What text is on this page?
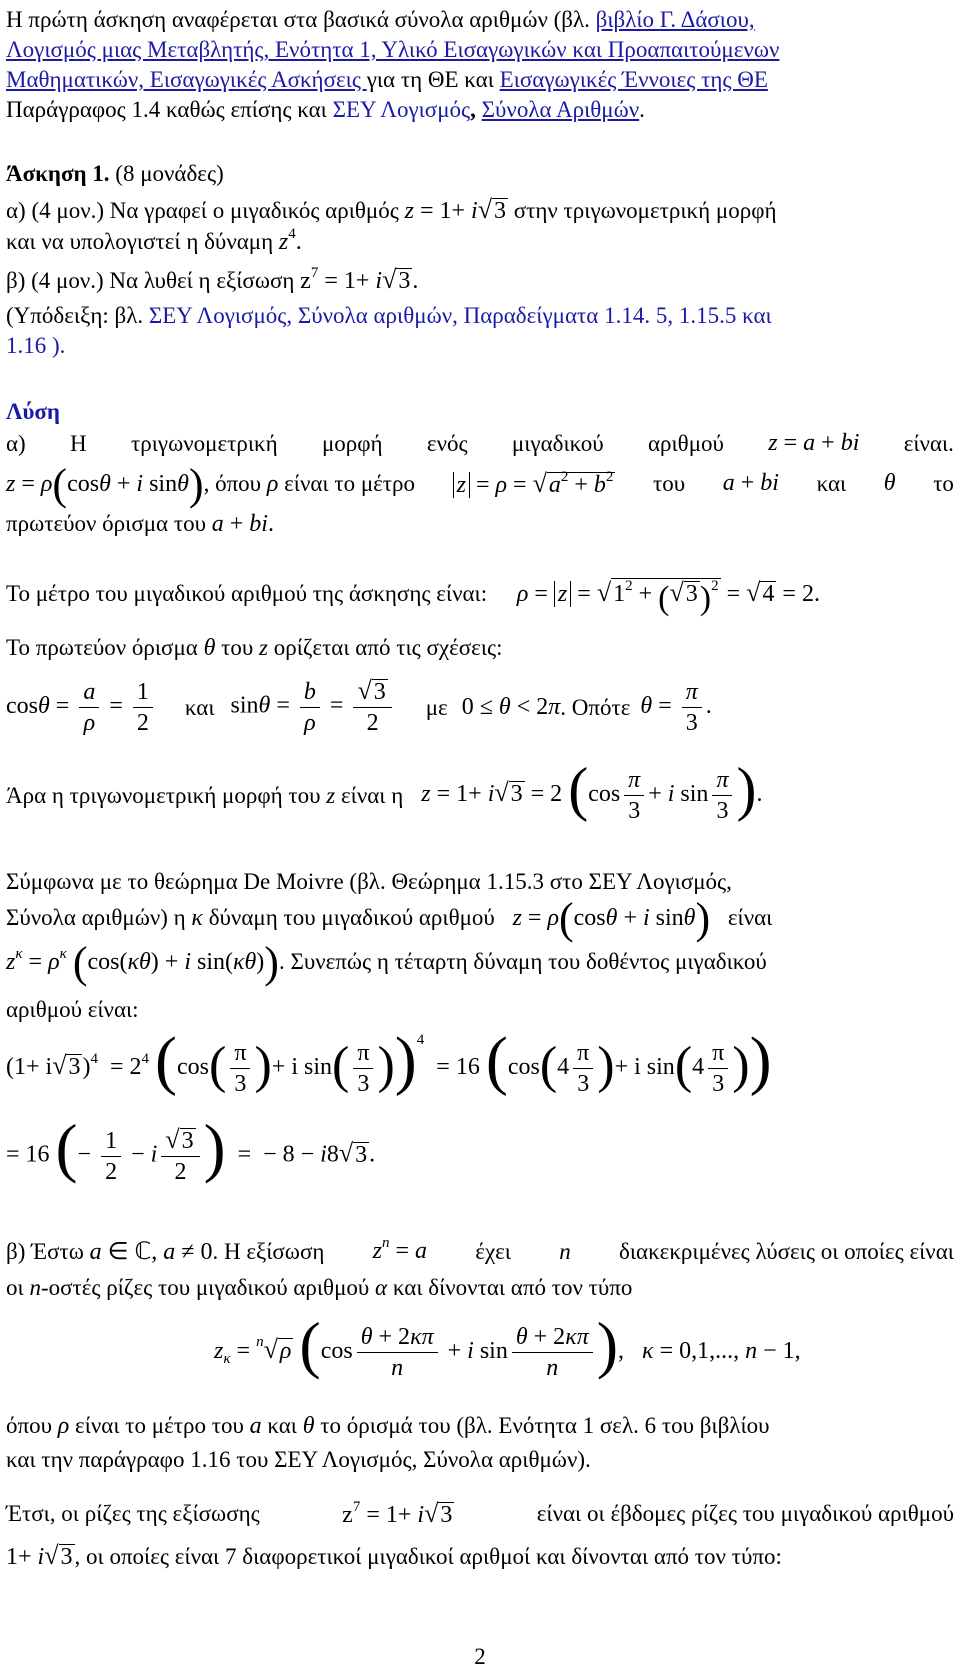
Η πρώτη άσκηση αναφέρεται στα βασικά σύνολα αριθμών (βλ. βιβλίο Γ. Δάσιου,
Λογισμός μιας Μεταβλητής, Ενότητα 1, Υλικό Εισαγωγικών και Προαπαιτούμενων
Μαθηματικών, Εισαγωγικές Ασκήσεις για τη ΘΕ και Εισαγωγικές Έννοιες της ΘΕ
Παράγραφος 1.4 καθώς επίσης και ΣΕΥ Λογισμός, Σύνολα Αριθμών.
Άσκηση 1. (8 μονάδες)
α) (4 μον.) Να γραφεί ο μιγαδικός αριθμός z = 1+ i√3 στην τριγωνομετρική μορφή
και να υπολογιστεί η δύναμη $z^4$.
β) (4 μον.) Να λυθεί η εξίσωση $z^7 = 1+ i√3$.
(Υπόδειξη: βλ. ΣΕΥ Λογισμός, Σύνολα αριθμών, Παραδείγματα 1.14. 5, 1.15.5 και
1.16 ).
Λύση
α) Η τριγωνομετρική μορφή ενός μιγαδικού αριθμού z = a + bi είναι.
z = ρ(cosθ + i sinθ), όπου ρ είναι το μέτρο $z = \rho = √a^2 + b^2$ του a + bi και θ το
πρωτεύον όρισμα του a + bi.
Το μέτρο του μιγαδικού αριθμού της άσκησης είναι: $\rho = z = √1^2 + (√3)^2 = √4 = 2$.
Το πρωτεύον όρισμα θ του z ορίζεται από τις σχέσεις:
$\cos\theta = \frac{a}{\rho} = \frac{1}{2}$ και $\sin\theta = \frac{b}{\rho} = \frac{√3}{2}$ με 0 ≤ θ < 2π . Οπότε $\theta = \frac{\pi}{3}$ .
Άρα η τριγωνομετρική μορφή του z είναι η z = 1+ i√3 = 2 ($\cos \frac{\pi}{3} + i$ $\sin \frac{\pi}{3}$ ).
Σύμφωνα με το θεώρημα De Moivre (βλ. Θεώρημα 1.15.3 στο ΣΕΥ Λογισμός,
Σύνολα αριθμών) η κ δύναμη του μιγαδικού αριθμού z = ρ(cosθ + i sinθ) είναι
$z^\kappa = \rho^\kappa$ (cos(κθ) + i sin(κθ)). Συνεπώς η τέταρτη δύναμη του δοθέντος μιγαδικού
αριθμού είναι:
$(1+ i√3)^4 = 2^4$ ($\cos( \frac{\pi}{3}$ )+ i $\sin( \frac{\pi}{3} ))^4 = 16$ ($\cos(4 \frac{\pi}{3}$ )+ i $\sin(4 \frac{\pi}{3}$ ))
= 16 (− $\frac{1}{2} - i \frac{√3}{2}$ )  =  − 8 − i8√3.
β) Έστω a ∈ ℂ, a ≠ 0. Η εξίσωση $z^n = a$ έχει n διακεκριμένες λύσεις οι οποίες είναι
οι n-οστές ρίζες του μιγαδικού αριθμού α και δίνονται από τον τύπο
$z_\kappa = ^n√\rho$ ($\cos \frac{\theta + 2\kappa\pi}{n} + i$ $\sin \frac{\theta + 2\kappa\pi}{n}$ ),   κ = 0,1,..., n − 1,
όπου ρ είναι το μέτρο του a και θ το όρισμά του (βλ. Ενότητα 1 σελ. 6 του βιβλίου
και την παράγραφο 1.16 του ΣΕΥ Λογισμός, Σύνολα αριθμών).
Έτσι, οι ρίζες της εξίσωσης	$z^7 = 1+ i√3$	είναι οι έβδομες ρίζες του μιγαδικού αριθμού
1+ i√3, οι οποίες είναι 7 διαφορετικοί μιγαδικοί αριθμοί και δίνονται από τον τύπο:
2
